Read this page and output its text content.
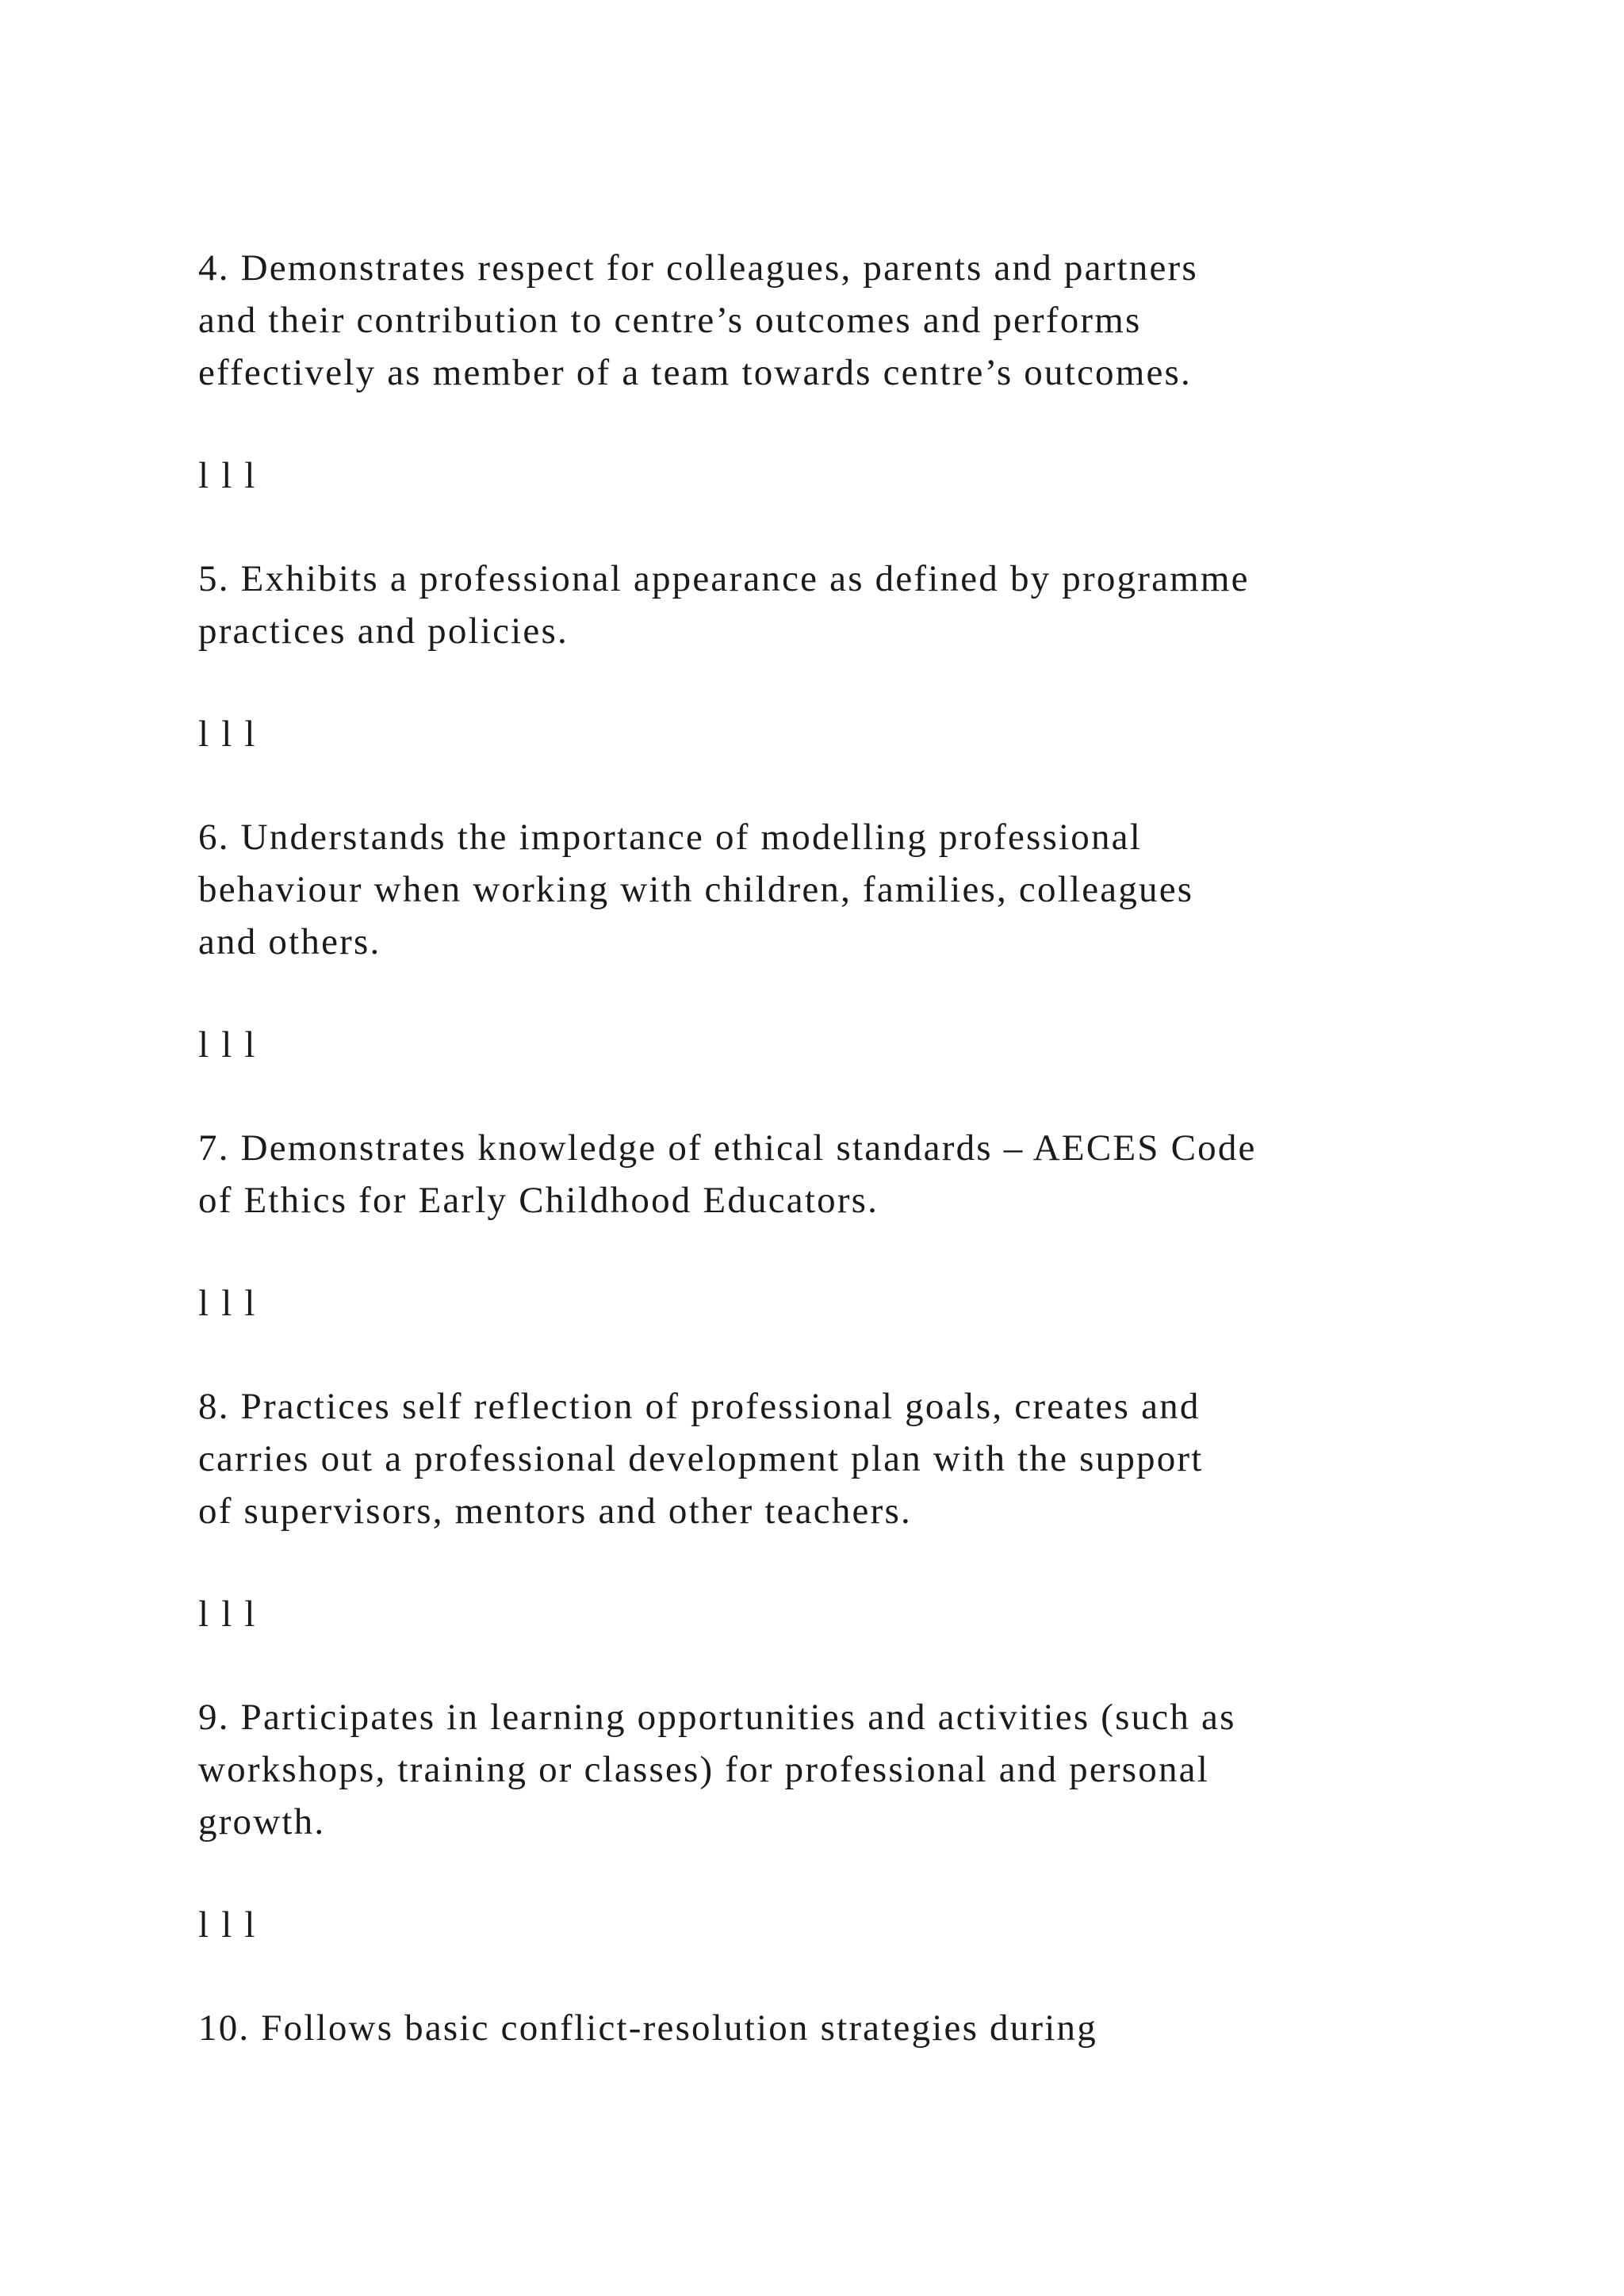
4. Demonstrates respect for colleagues, parents and partners
and their contribution to centre’s outcomes and performs
effectively as member of a team towards centre’s outcomes.

l l l

5. Exhibits a professional appearance as defined by programme
practices and policies.

l l l

6. Understands the importance of modelling professional
behaviour when working with children, families, colleagues
and others.

l l l

7. Demonstrates knowledge of ethical standards – AECES Code
of Ethics for Early Childhood Educators.

l l l

8. Practices self reflection of professional goals, creates and
carries out a professional development plan with the support
of supervisors, mentors and other teachers.

l l l

9. Participates in learning opportunities and activities (such as
workshops, training or classes) for professional and personal
growth.

l l l

10. Follows basic conflict-resolution strategies during
